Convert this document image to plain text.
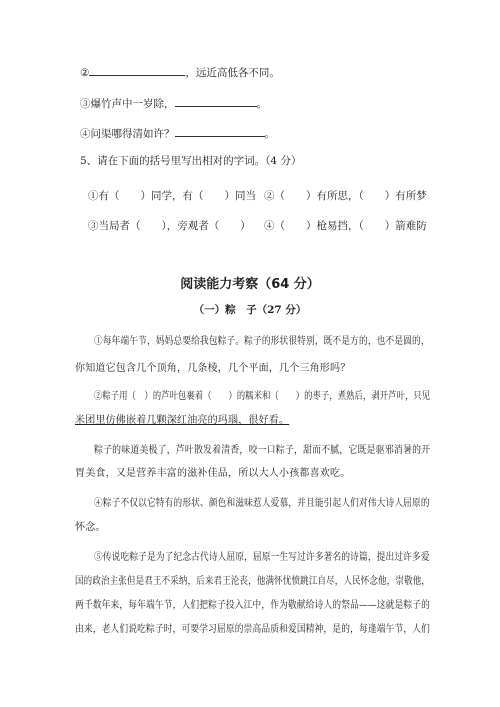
②	，远近高低各不同。
③爆竹声中一岁除，	。
④问渠哪得清如许？	。
5、请在下面的括号里写出相对的字词。（4 分）
①有（　　）同学，有（　　）同当 ②（　　）有所思，（　　）有所梦
③当局者（　　），旁观者（　　） ④（　　）枪易挡，（　　）箭难防
阅读能力考察（64 分）
（一）粽　子（27 分）
①每年端午节，妈妈总要给我包粽子。粽子的形状很特别，既不是方的，也不是圆的，
你知道它包含几个顶角，几条棱，几个平面，几个三角形吗？
②粽子用（　）的芦叶包裹着（　　）的糯米和（　　）的枣子，煮熟后，剥开芦叶，只见
米团里仿佛嵌着几颗深红油亮的玛瑙，很好看。
粽子的味道美极了，芦叶散发着清香，咬一口粽子，甜而不腻，它既是驱邪消暑的开
胃美食，又是营养丰富的滋补佳品，所以大人小孩都喜欢吃。
④粽子不仅以它特有的形状、颜色和滋味惹人爱慕，并且能引起人们对伟大诗人屈原的
怀念。
⑤传说吃粽子是为了纪念古代诗人屈原，屈原一生写过许多著名的诗篇，提出过许多爱
国的政治主张但是君王不采纳，后来君王沦丧，他满怀忧愤跳江自尽，人民怀念他，崇敬他，
两千数年来，每年端午节，人们把粽子投入江中，作为敬献给诗人的祭品——这就是粽子的
由来，老人们说吃粽子时，可要学习屈原的崇高品质和爱国精神，是的，每逢端午节，人们
